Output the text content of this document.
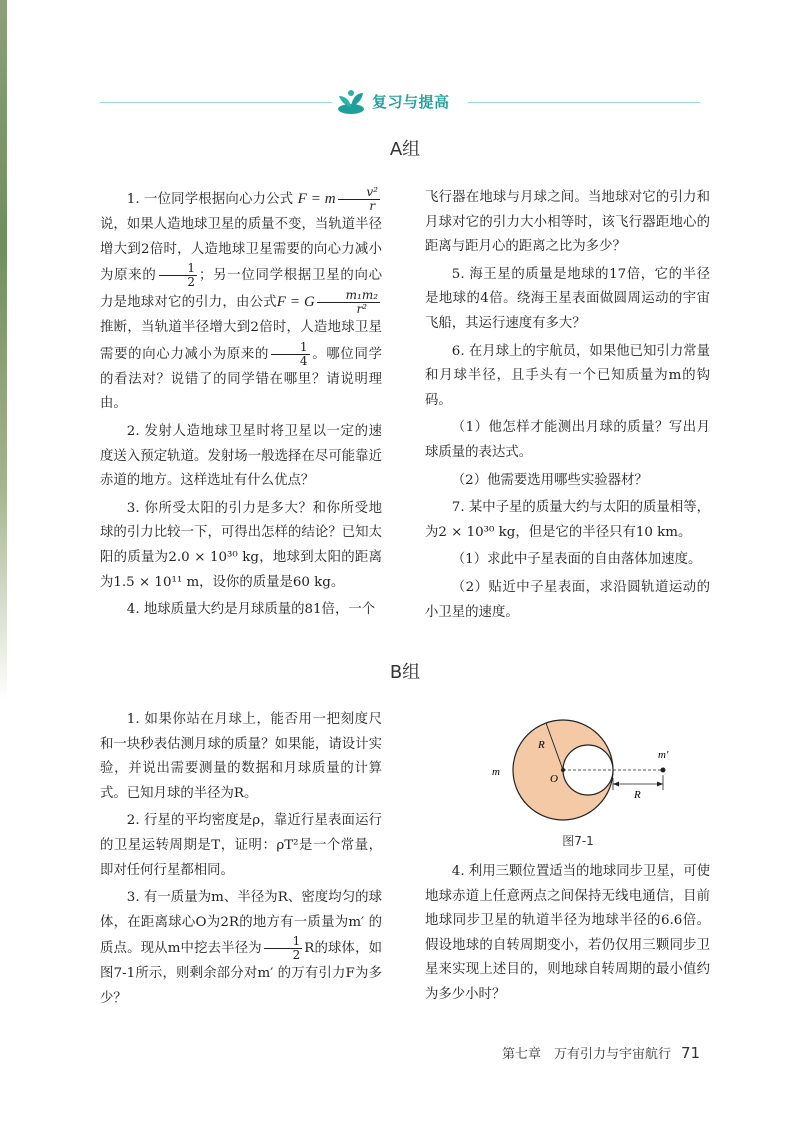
复习与提高
A组

1. 一位同学根据向心力公式 F = m $\frac{\text{v²}}{r}$
说，如果人造地球卫星的质量不变，当轨道半径增大到2倍时，人造地球卫星需要的向心力减小为原来的 $\frac{1}{2}$ ；另一位同学根据卫星的向心力是地球对它的引力，由公式F = G $\frac{\text{m₁m₂}}{\text{r²}}$
推断，当轨道半径增大到2倍时，人造地球卫星需要的向心力减小为原来的 $\frac{1}{4}$ 。哪位同学的看法对？说错了的同学错在哪里？请说明理由。

2. 发射人造地球卫星时将卫星以一定的速度送入预定轨道。发射场一般选择在尽可能靠近赤道的地方。这样选址有什么优点？

3. 你所受太阳的引力是多大？和你所受地球的引力比较一下，可得出怎样的结论？已知太阳的质量为2.0 × 10³⁰ kg，地球到太阳的距离为1.5 × 10¹¹ m，设你的质量是60 kg。

4. 地球质量大约是月球质量的81倍，一个

飞行器在地球与月球之间。当地球对它的引力和月球对它的引力大小相等时，该飞行器距地心的距离与距月心的距离之比为多少？

5. 海王星的质量是地球的17倍，它的半径是地球的4倍。绕海王星表面做圆周运动的宇宙飞船，其运行速度有多大？

6. 在月球上的宇航员，如果他已知引力常量和月球半径，且手头有一个已知质量为m的钩码。

（1）他怎样才能测出月球的质量？写出月球质量的表达式。

（2）他需要选用哪些实验器材？

7. 某中子星的质量大约与太阳的质量相等，为2 × 10³⁰ kg，但是它的半径只有10 km。

（1）求此中子星表面的自由落体加速度。

（2）贴近中子星表面，求沿圆轨道运动的小卫星的速度。

B组

1. 如果你站在月球上，能否用一把刻度尺和一块秒表估测月球的质量？如果能，请设计实验，并说出需要测量的数据和月球质量的计算式。已知月球的半径为R。

2. 行星的平均密度是ρ，靠近行星表面运行的卫星运转周期是T，证明：ρT²是一个常量，即对任何行星都相同。

3. 有一质量为m、半径为R、密度均匀的球体，在距离球心O为2R的地方有一质量为m′ 的质点。现从m中挖去半径为 $\frac{1}{2}$ R的球体，如图7-1所示，则剩余部分对m′ 的万有引力F为多少？

R
m
O
m′
R
图7-1

4. 利用三颗位置适当的地球同步卫星，可使地球赤道上任意两点之间保持无线电通信，目前地球同步卫星的轨道半径为地球半径的6.6倍。假设地球的自转周期变小，若仍仅用三颗同步卫星来实现上述目的，则地球自转周期的最小值约为多少小时？

第七章　万有引力与宇宙航行 71
